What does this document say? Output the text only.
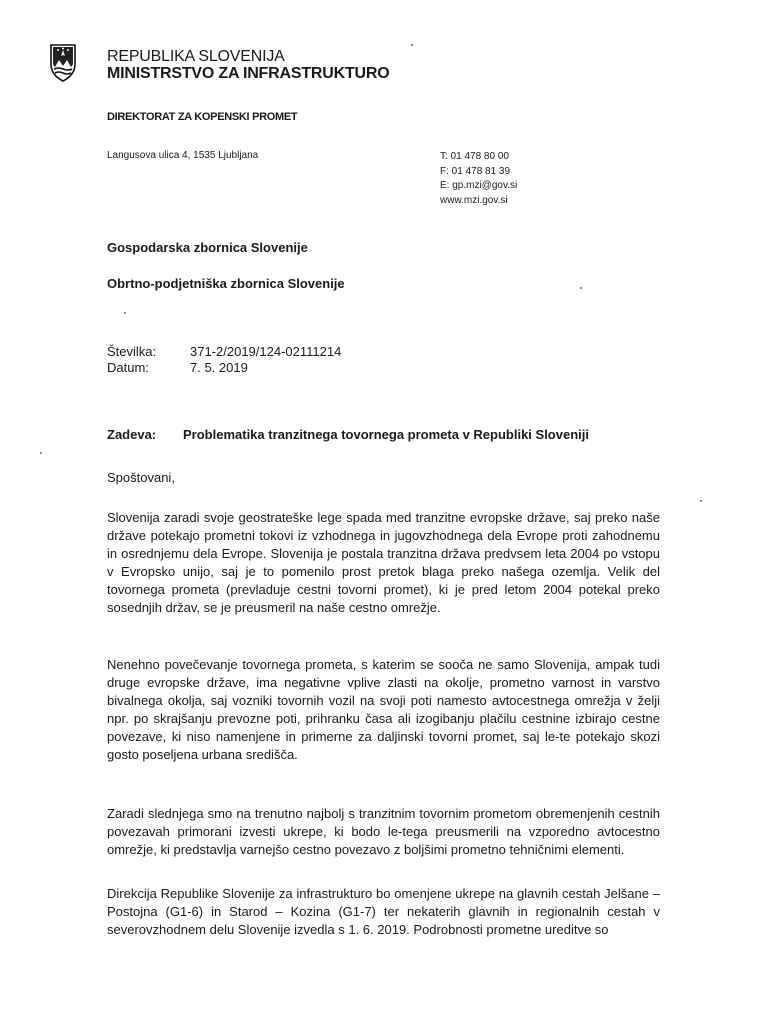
REPUBLIKA SLOVENIJA
MINISTRSTVO ZA INFRASTRUKTURO
DIREKTORAT ZA KOPENSKI PROMET
Langusova ulica 4, 1535 Ljubljana	T: 01 478 80 00
F: 01 478 81 39
E: gp.mzi@gov.si
www.mzi.gov.si
Gospodarska zbornica Slovenije
Obrtno-podjetniška zbornica Slovenije
Številka:	371-2/2019/124-02111214
Datum:	7. 5. 2019
Zadeva: Problematika tranzitnega tovornega prometa v Republiki Sloveniji
Spoštovani,

Slovenija zaradi svoje geostrateške lege spada med tranzitne evropske države, saj preko naše države potekajo prometni tokovi iz vzhodnega in jugovzhodnega dela Evrope proti zahodnemu in osrednjemu dela Evrope. Slovenija je postala tranzitna država predvsem leta 2004 po vstopu v Evropsko unijo, saj je to pomenilo prost pretok blaga preko našega ozemlja. Velik del tovornega prometa (prevladuje cestni tovorni promet), ki je pred letom 2004 potekal preko sosednjih držav, se je preusmeril na naše cestno omrežje.

Nenehno povečevanje tovornega prometa, s katerim se sooča ne samo Slovenija, ampak tudi druge evropske države, ima negativne vplive zlasti na okolje, prometno varnost in varstvo bivalnega okolja, saj vozniki tovornih vozil na svoji poti namesto avtocestnega omrežja v želji npr. po skrajšanju prevozne poti, prihranku časa ali izogibanju plačilu cestnine izbirajo cestne povezave, ki niso namenjene in primerne za daljinski tovorni promet, saj le-te potekajo skozi gosto poseljena urbana središča.

Zaradi slednjega smo na trenutno najbolj s tranzitnim tovornim prometom obremenjenih cestnih povezavah primorani izvesti ukrepe, ki bodo le-tega preusmerili na vzporedno avtocestno omrežje, ki predstavlja varnejšo cestno povezavo z boljšimi prometno tehničnimi elementi.

Direkcija Republike Slovenije za infrastrukturo bo omenjene ukrepe na glavnih cestah Jelšane – Postojna (G1-6) in Starod – Kozina (G1-7) ter nekaterih glavnih in regionalnih cestah v severovzhodnem delu Slovenije izvedla s 1. 6. 2019. Podrobnosti prometne ureditve so
